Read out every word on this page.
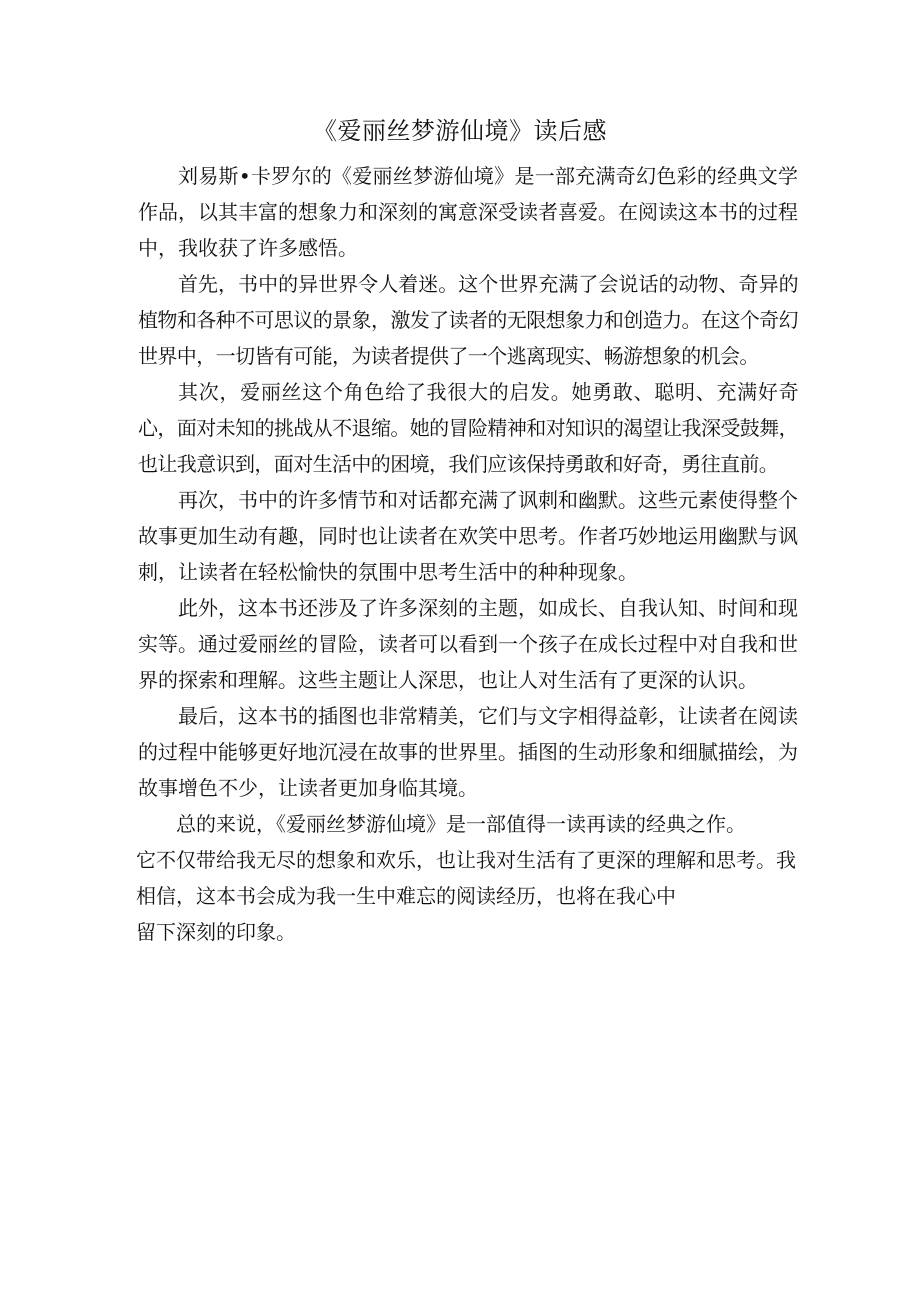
《爱丽丝梦游仙境》读后感

刘易斯•卡罗尔的《爱丽丝梦游仙境》是一部充满奇幻色彩的经典文学作品，以其丰富的想象力和深刻的寓意深受读者喜爱。在阅读这本书的过程中，我收获了许多感悟。

首先，书中的异世界令人着迷。这个世界充满了会说话的动物、奇异的植物和各种不可思议的景象，激发了读者的无限想象力和创造力。在这个奇幻世界中，一切皆有可能，为读者提供了一个逃离现实、畅游想象的机会。

其次，爱丽丝这个角色给了我很大的启发。她勇敢、聪明、充满好奇心，面对未知的挑战从不退缩。她的冒险精神和对知识的渴望让我深受鼓舞，也让我意识到，面对生活中的困境，我们应该保持勇敢和好奇，勇往直前。

再次，书中的许多情节和对话都充满了讽刺和幽默。这些元素使得整个故事更加生动有趣，同时也让读者在欢笑中思考。作者巧妙地运用幽默与讽刺，让读者在轻松愉快的氛围中思考生活中的种种现象。

此外，这本书还涉及了许多深刻的主题，如成长、自我认知、时间和现实等。通过爱丽丝的冒险，读者可以看到一个孩子在成长过程中对自我和世界的探索和理解。这些主题让人深思，也让人对生活有了更深的认识。

最后，这本书的插图也非常精美，它们与文字相得益彰，让读者在阅读的过程中能够更好地沉浸在故事的世界里。插图的生动形象和细腻描绘，为故事增色不少，让读者更加身临其境。

总的来说，《爱丽丝梦游仙境》是一部值得一读再读的经典之作。
它不仅带给我无尽的想象和欢乐，也让我对生活有了更深的理解和思考。我
相信，这本书会成为我一生中难忘的阅读经历，也将在我心中
留下深刻的印象。
